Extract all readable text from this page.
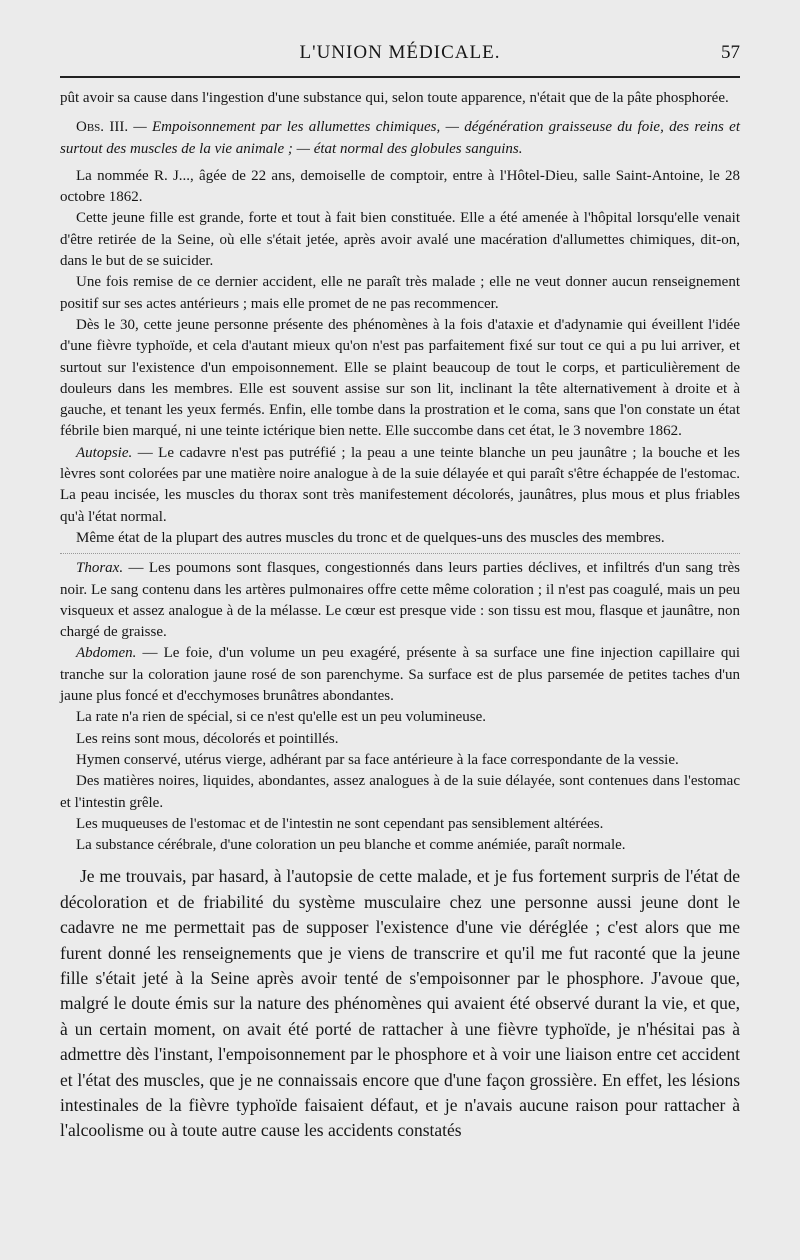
L'UNION MÉDICALE.	57

pût avoir sa cause dans l'ingestion d'une substance qui, selon toute apparence, n'était que de la pâte phosphorée.

Obs. III. — Empoisonnement par les allumettes chimiques, — dégénération graisseuse du foie, des reins et surtout des muscles de la vie animale ; — état normal des globules sanguins.

La nommée R. J..., âgée de 22 ans, demoiselle de comptoir, entre à l'Hôtel-Dieu, salle Saint-Antoine, le 28 octobre 1862.

Cette jeune fille est grande, forte et tout à fait bien constituée. Elle a été amenée à l'hôpital lorsqu'elle venait d'être retirée de la Seine, où elle s'était jetée, après avoir avalé une macération d'allumettes chimiques, dit-on, dans le but de se suicider.

Une fois remise de ce dernier accident, elle ne paraît très malade ; elle ne veut donner aucun renseignement positif sur ses actes antérieurs ; mais elle promet de ne pas recommencer.

Dès le 30, cette jeune personne présente des phénomènes à la fois d'ataxie et d'adynamie qui éveillent l'idée d'une fièvre typhoïde, et cela d'autant mieux qu'on n'est pas parfaitement fixé sur tout ce qui a pu lui arriver, et surtout sur l'existence d'un empoisonnement. Elle se plaint beaucoup de tout le corps, et particulièrement de douleurs dans les membres. Elle est souvent assise sur son lit, inclinant la tête alternativement à droite et à gauche, et tenant les yeux fermés. Enfin, elle tombe dans la prostration et le coma, sans que l'on constate un état fébrile bien marqué, ni une teinte ictérique bien nette. Elle succombe dans cet état, le 3 novembre 1862.

Autopsie. — Le cadavre n'est pas putréfié ; la peau a une teinte blanche un peu jaunâtre ; la bouche et les lèvres sont colorées par une matière noire analogue à de la suie délayée et qui paraît s'être échappée de l'estomac. La peau incisée, les muscles du thorax sont très manifestement décolorés, jaunâtres, plus mous et plus friables qu'à l'état normal.

Même état de la plupart des autres muscles du tronc et de quelques-uns des muscles des membres.

Thorax. — Les poumons sont flasques, congestionnés dans leurs parties déclives, et infiltrés d'un sang très noir. Le sang contenu dans les artères pulmonaires offre cette même coloration ; il n'est pas coagulé, mais un peu visqueux et assez analogue à de la mélasse. Le cœur est presque vide : son tissu est mou, flasque et jaunâtre, non chargé de graisse.

Abdomen. — Le foie, d'un volume un peu exagéré, présente à sa surface une fine injection capillaire qui tranche sur la coloration jaune rosé de son parenchyme. Sa surface est de plus parsemée de petites taches d'un jaune plus foncé et d'ecchymoses brunâtres abondantes.

La rate n'a rien de spécial, si ce n'est qu'elle est un peu volumineuse.

Les reins sont mous, décolorés et pointillés.

Hymen conservé, utérus vierge, adhérant par sa face antérieure à la face correspondante de la vessie.

Des matières noires, liquides, abondantes, assez analogues à de la suie délayée, sont contenues dans l'estomac et l'intestin grêle.

Les muqueuses de l'estomac et de l'intestin ne sont cependant pas sensiblement altérées.

La substance cérébrale, d'une coloration un peu blanche et comme anémiée, paraît normale.

Je me trouvais, par hasard, à l'autopsie de cette malade, et je fus fortement surpris de l'état de décoloration et de friabilité du système musculaire chez une personne aussi jeune dont le cadavre ne me permettait pas de supposer l'existence d'une vie déréglée ; c'est alors que me furent donné les renseignements que je viens de transcrire et qu'il me fut raconté que la jeune fille s'était jeté à la Seine après avoir tenté de s'empoisonner par le phosphore. J'avoue que, malgré le doute émis sur la nature des phénomènes qui avaient été observé durant la vie, et que, à un certain moment, on avait été porté de rattacher à une fièvre typhoïde, je n'hésitai pas à admettre dès l'instant, l'empoisonnement par le phosphore et à voir une liaison entre cet accident et l'état des muscles, que je ne connaissais encore que d'une façon grossière. En effet, les lésions intestinales de la fièvre typhoïde faisaient défaut, et je n'avais aucune raison pour rattacher à l'alcoolisme ou à toute autre cause les accidents constatés
